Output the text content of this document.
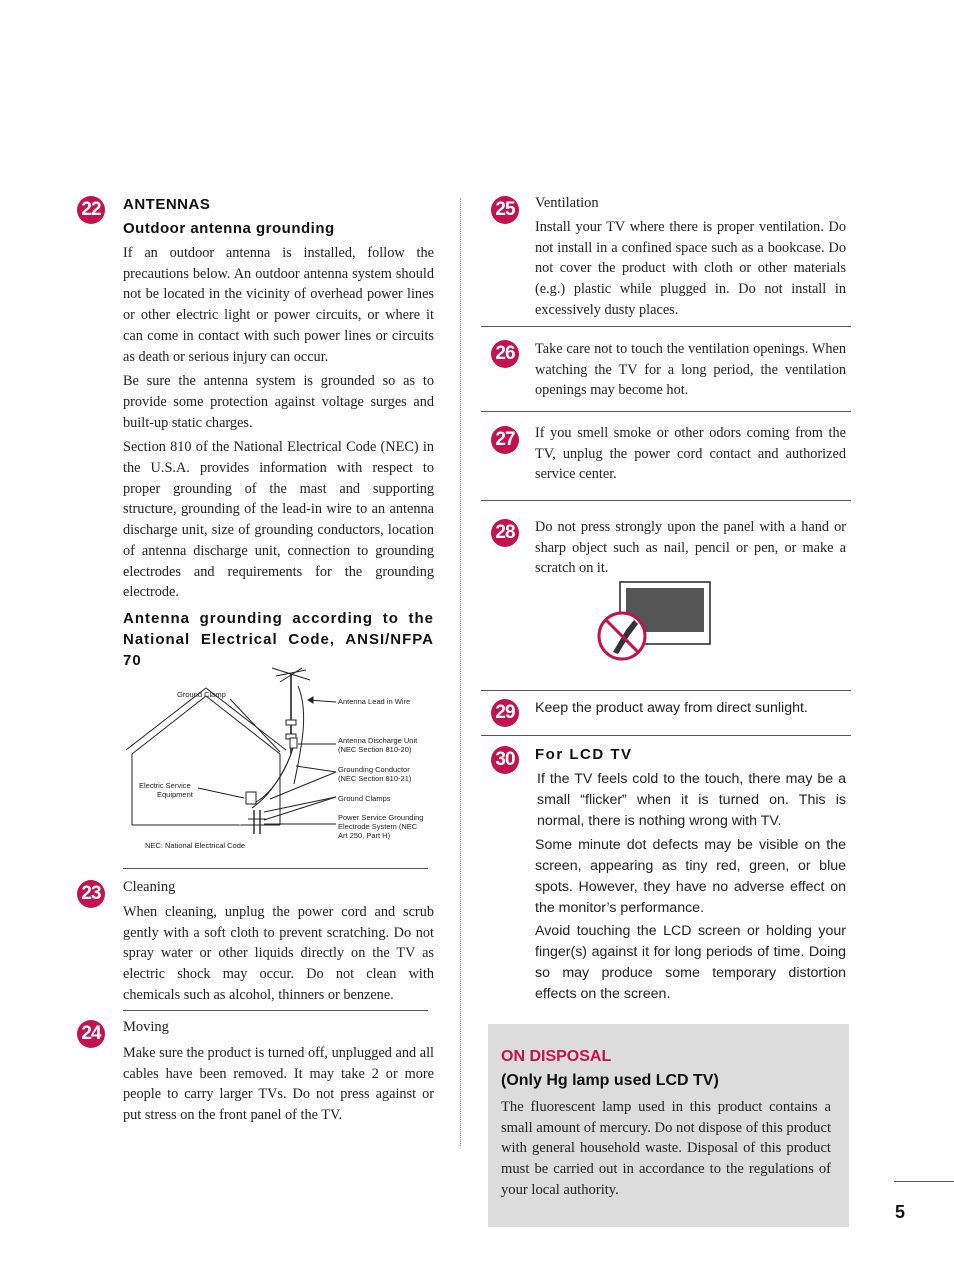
22 ANTENNAS
Outdoor antenna grounding

If an outdoor antenna is installed, follow the precautions below. An outdoor antenna system should not be located in the vicinity of overhead power lines or other electric light or power circuits, or where it can come in contact with such power lines or circuits as death or serious injury can occur.

Be sure the antenna system is grounded so as to provide some protection against voltage surges and built-up static charges.

Section 810 of the National Electrical Code (NEC) in the U.S.A. provides information with respect to proper grounding of the mast and supporting structure, grounding of the lead-in wire to an antenna discharge unit, size of grounding conductors, location of antenna discharge unit, connection to grounding electrodes and requirements for the grounding electrode.

Antenna grounding according to the National Electrical Code, ANSI/NFPA 70
Ground Clamp
Antenna Lead in Wire
Antenna Discharge Unit
(NEC Section 810-20)
Grounding Conductor
(NEC Section 810-21)
Electric Service
Equipment	Ground Clamps
Power Service Grounding
Electrode System (NEC
Art 250, Part H)
NEC: National Electrical Code
23	Cleaning
When cleaning, unplug the power cord and scrub gently with a soft cloth to prevent scratching. Do not spray water or other liquids directly on the TV as electric shock may occur. Do not clean with chemicals such as alcohol, thinners or benzene.
24	Moving
Make sure the product is turned off, unplugged and all cables have been removed. It may take 2 or more people to carry larger TVs. Do not press against or put stress on the front panel of the TV.
25	Ventilation
Install your TV where there is proper ventilation. Do not install in a confined space such as a bookcase. Do not cover the product with cloth or other materials (e.g.) plastic while plugged in. Do not install in excessively dusty places.
26	Take care not to touch the ventilation openings. When watching the TV for a long period, the ventilation openings may become hot.
27	If you smell smoke or other odors coming from the TV, unplug the power cord contact and authorized service center.
28	Do not press strongly upon the panel with a hand or sharp object such as nail, pencil or pen, or make a scratch on it.
29	Keep the product away from direct sunlight.
30 For LCD TV
If the TV feels cold to the touch, there may be a small “flicker” when it is turned on. This is normal, there is nothing wrong with TV.
Some minute dot defects may be visible on the screen, appearing as tiny red, green, or blue spots. However, they have no adverse effect on the monitor’s performance.
Avoid touching the LCD screen or holding your finger(s) against it for long periods of time. Doing so may produce some temporary distortion effects on the screen.
ON DISPOSAL
(Only Hg lamp used LCD TV)
The fluorescent lamp used in this product contains a small amount of mercury. Do not dispose of this product with general household waste. Disposal of this product must be carried out in accordance to the regulations of your local authority.
5
